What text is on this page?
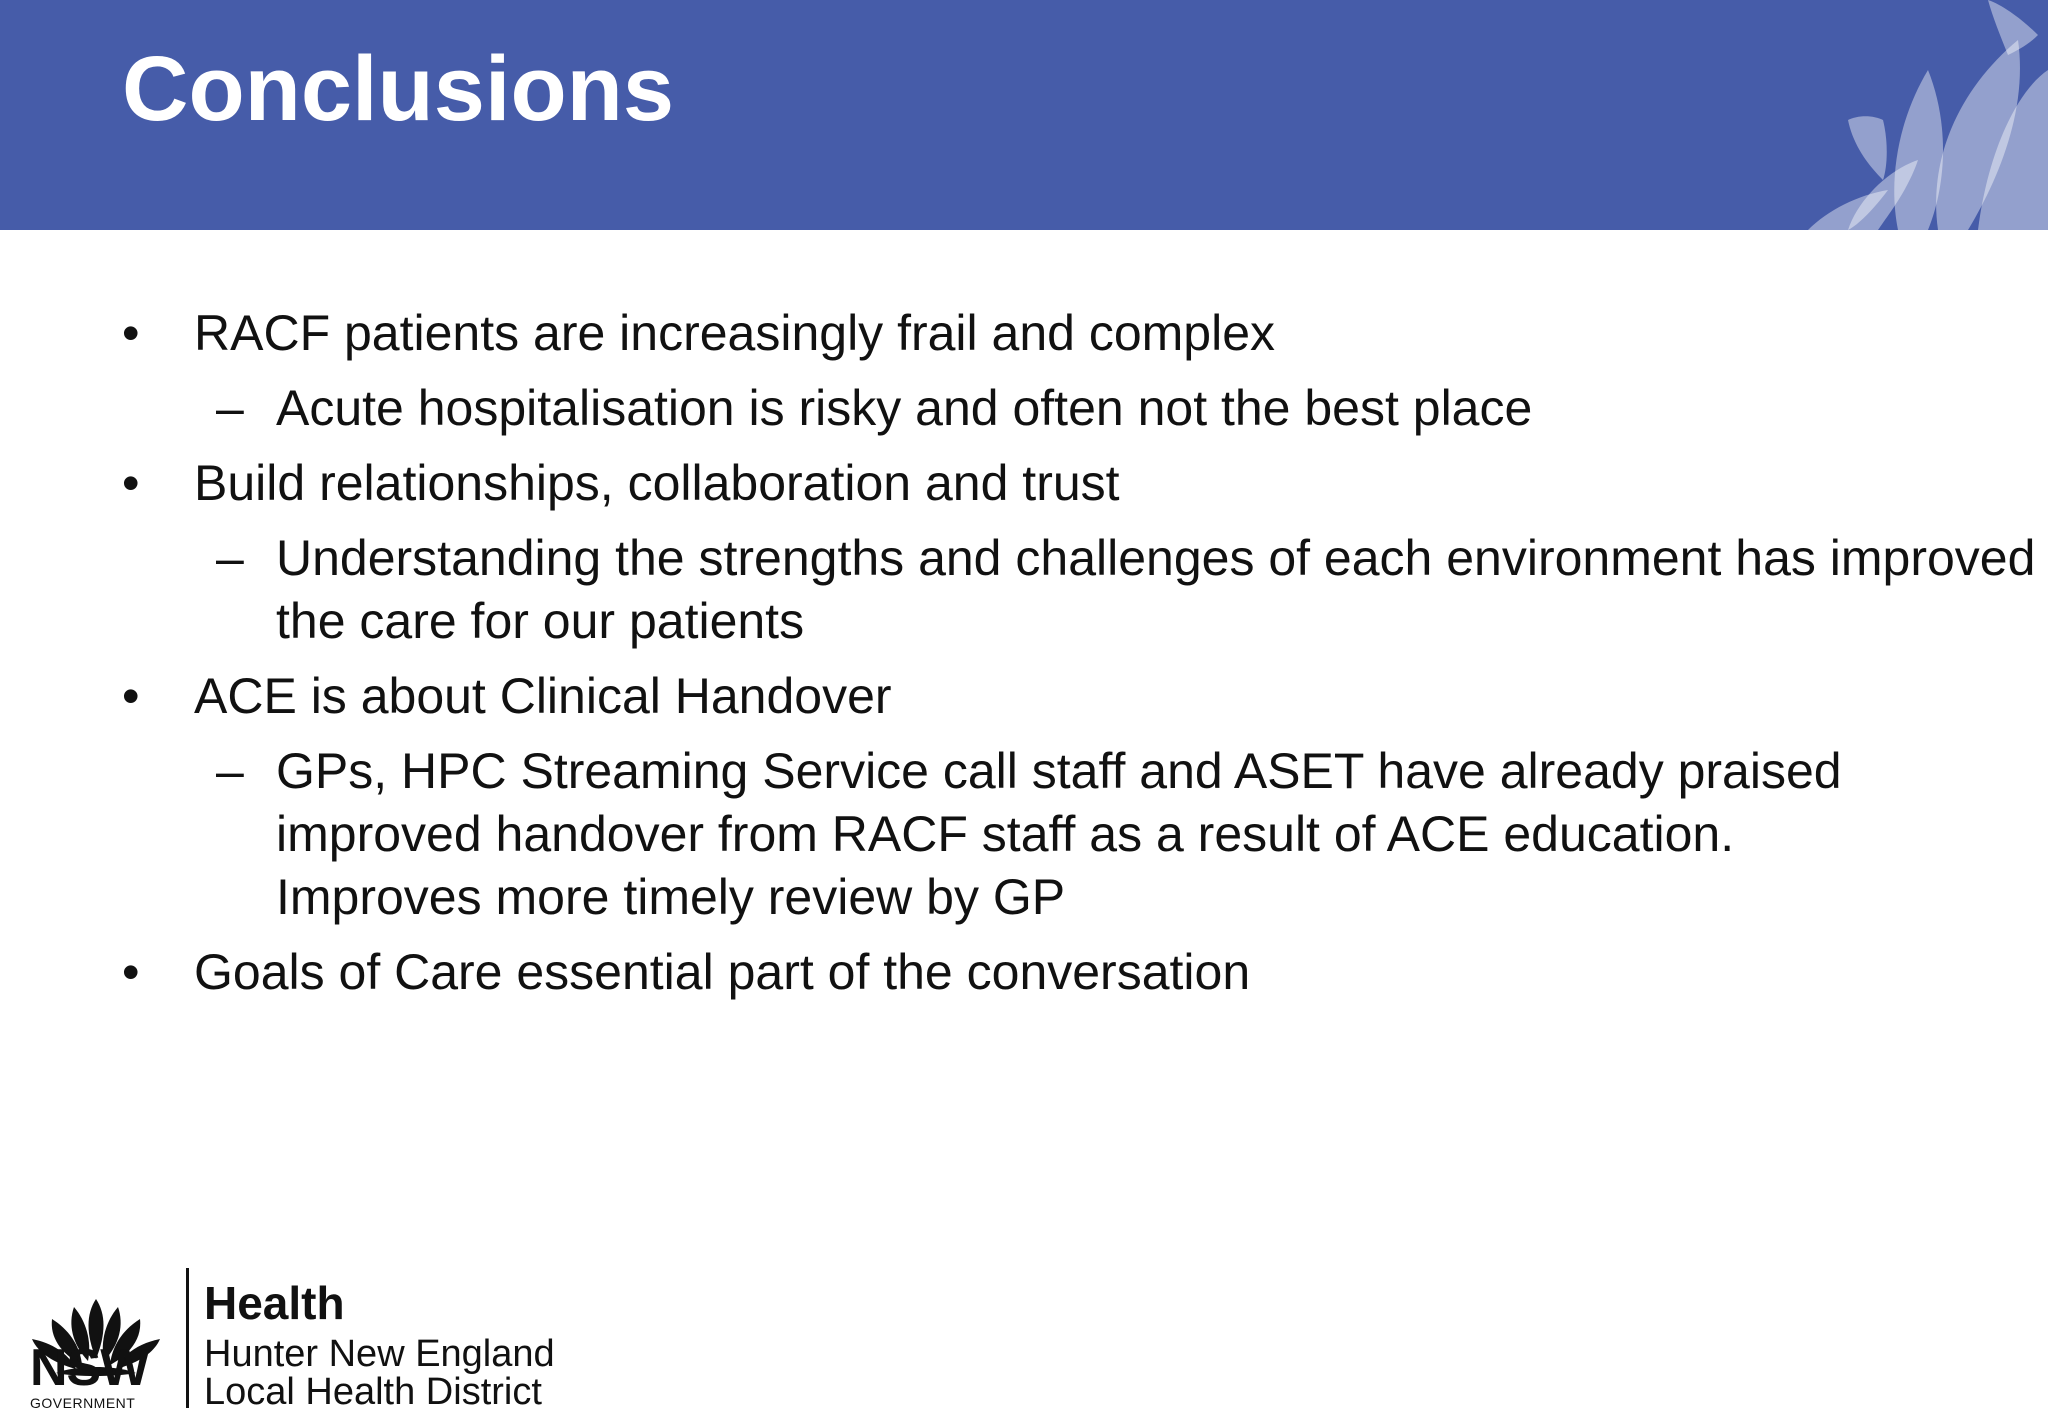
Conclusions

• RACF patients are increasingly frail and complex

– Acute hospitalisation is risky and often not the best place

• Build relationships, collaboration and trust

– Understanding the strengths and challenges of each environment has improved the care for our patients

• ACE is about Clinical Handover

– GPs, HPC Streaming Service call staff and ASET have already praised improved handover from RACF staff as a result of ACE education. Improves more timely review by GP

• Goals of Care essential part of the conversation

NSW
GOVERNMENT
Health
Hunter New England
Local Health District
